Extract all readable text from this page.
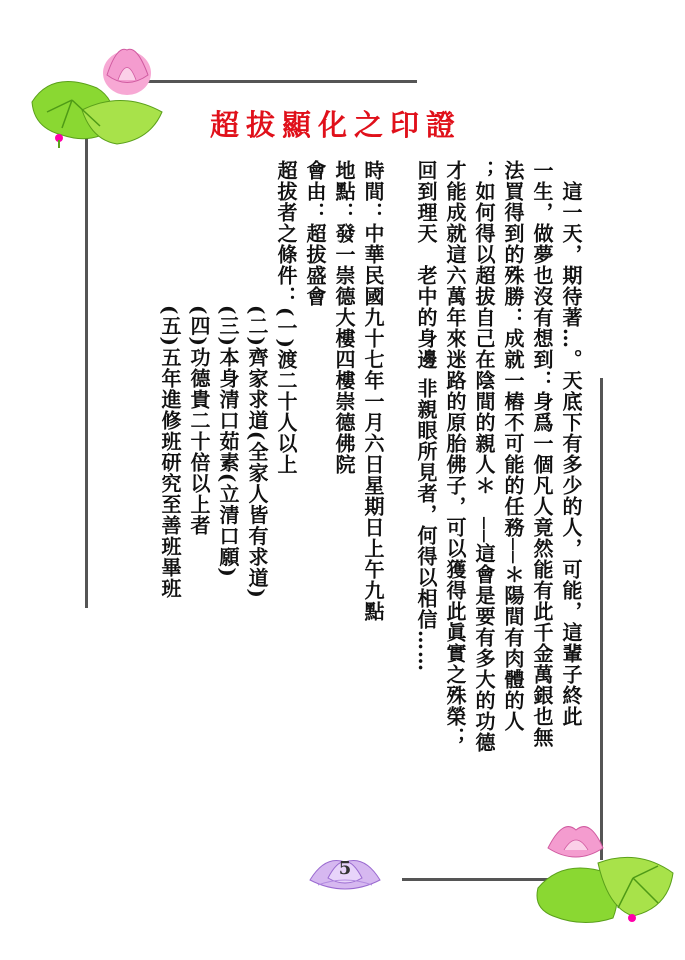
超拔顯化之印證
　這一天，期待著…。天底下有多少的人，可能，這輩子終此
一生，做夢也沒有想到：身爲一個凡人竟然能有此千金萬銀也無
法買得到的殊勝：成就一樁不可能的任務──＊陽間有肉體的人
；如何得以超拔自己在陰間的親人＊　──這會是要有多大的功德
才能成就這六萬年來迷路的原胎佛子，可以獲得此眞實之殊榮；
回到理天　老中的身邊 非親眼所見者，何得以相信……
時間：中華民國九十七年一月六日星期日上午九點
地點：發一崇德大樓四樓崇德佛院
會由：超拔盛會
超拔者之條件：(一)渡二十人以上
(二)齊家求道(全家人皆有求道)
(三)本身清口茹素(立清口願)
(四)功德貴二十倍以上者
(五)五年進修班研究至善班畢班
5
